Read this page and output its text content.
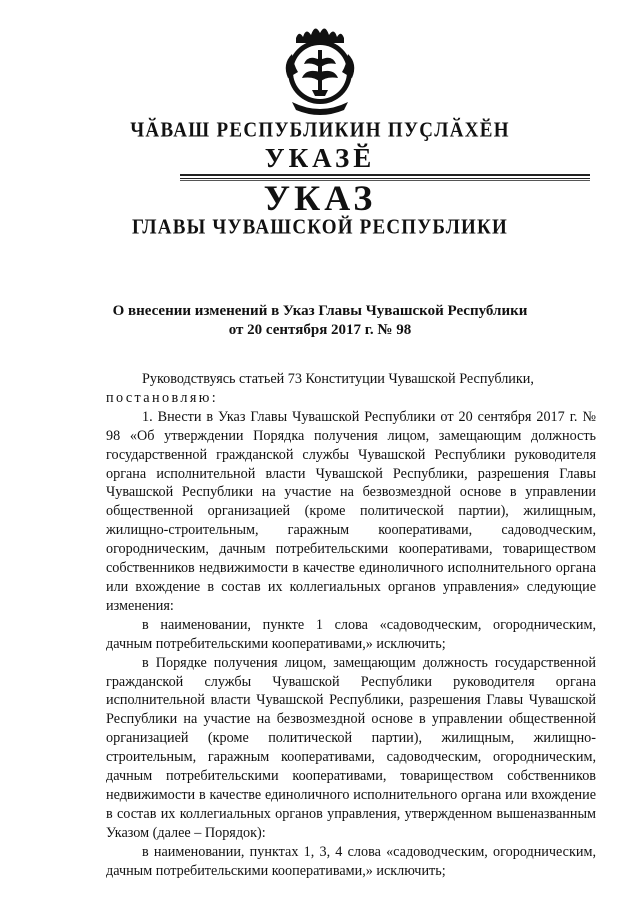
ЧӐВАШ РЕСПУБЛИКИН ПУҪЛӐХӖН
УКАЗӖ
УКАЗ
ГЛАВЫ ЧУВАШСКОЙ РЕСПУБЛИКИ
О внесении изменений в Указ Главы Чувашской Республики
от 20 сентября 2017 г. № 98

Руководствуясь статьей 73 Конституции Чувашской Республики,

постановляю:

1. Внести в Указ Главы Чувашской Республики от 20 сентября 2017 г. № 98 «Об утверждении Порядка получения лицом, замещающим должность государственной гражданской службы Чувашской Республики руководителя органа исполнительной власти Чувашской Республики, разрешения Главы Чувашской Республики на участие на безвозмездной основе в управлении общественной организацией (кроме политической партии), жилищным, жилищно-строительным, гаражным кооперативами, садоводческим, огородническим, дачным потребительскими кооперативами, товариществом собственников недвижимости в качестве единоличного исполнительного органа или вхождение в состав их коллегиальных органов управления» следующие изменения:

в наименовании, пункте 1 слова «садоводческим, огородническим, дачным потребительскими кооперативами,» исключить;

в Порядке получения лицом, замещающим должность государственной гражданской службы Чувашской Республики руководителя органа исполнительной власти Чувашской Республики, разрешения Главы Чувашской Республики на участие на безвозмездной основе в управлении общественной организацией (кроме политической партии), жилищным, жилищно-строительным, гаражным кооперативами, садоводческим, огородническим, дачным потребительскими кооперативами, товариществом собственников недвижимости в качестве единоличного исполнительного органа или вхождение в состав их коллегиальных органов управления, утвержденном вышеназванным Указом (далее – Порядок):

в наименовании, пунктах 1, 3, 4 слова «садоводческим, огородническим, дачным потребительскими кооперативами,» исключить;
